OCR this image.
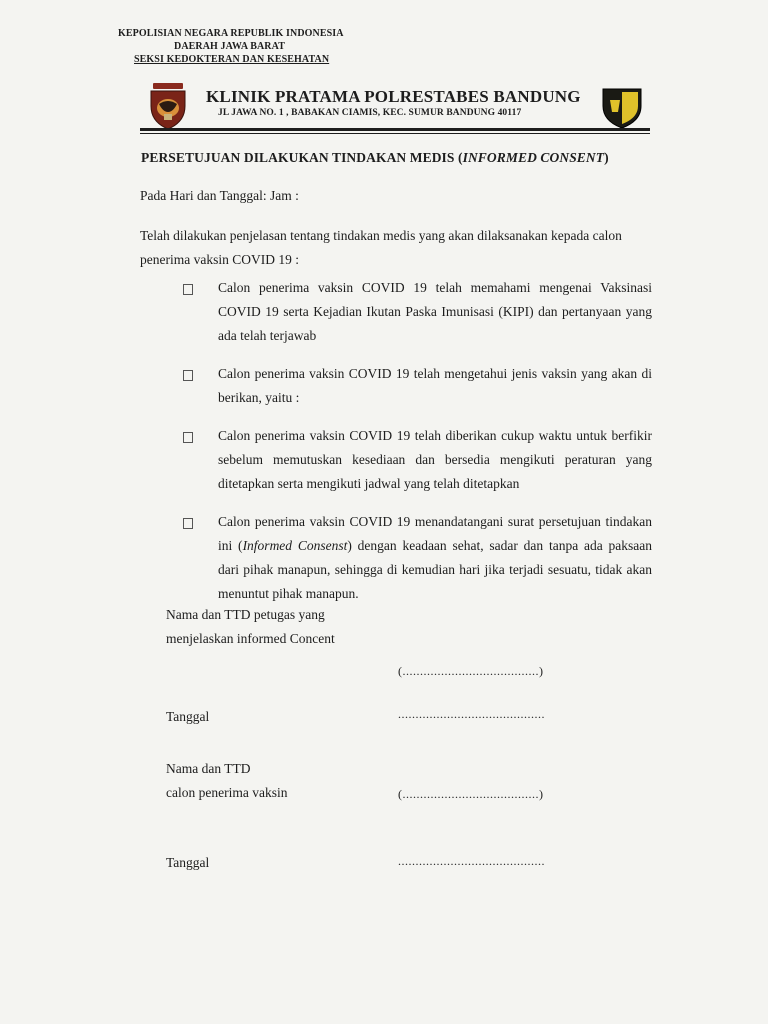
KEPOLISIAN NEGARA REPUBLIK INDONESIA
DAERAH JAWA BARAT
SEKSI KEDOKTERAN DAN KESEHATAN
KLINIK PRATAMA POLRESTABES BANDUNG
JL JAWA NO. 1 , BABAKAN CIAMIS, KEC. SUMUR BANDUNG 40117
PERSETUJUAN DILAKUKAN TINDAKAN MEDIS (INFORMED CONSENT)
Pada Hari dan Tanggal: Jam :
Telah dilakukan penjelasan tentang tindakan medis yang akan dilaksanakan kepada calon penerima vaksin COVID 19 :
Calon penerima vaksin COVID 19 telah memahami mengenai Vaksinasi COVID 19 serta Kejadian Ikutan Paska Imunisasi (KIPI) dan pertanyaan yang ada telah terjawab
Calon penerima vaksin COVID 19 telah mengetahui jenis vaksin yang akan di berikan, yaitu :
Calon penerima vaksin COVID 19 telah diberikan cukup waktu untuk berfikir sebelum memutuskan kesediaan dan bersedia mengikuti peraturan yang ditetapkan serta mengikuti jadwal yang telah ditetapkan
Calon penerima vaksin COVID 19 menandatangani surat persetujuan tindakan ini (Informed Consenst) dengan keadaan sehat, sadar dan tanpa ada paksaan dari pihak manapun, sehingga di kemudian hari jika terjadi sesuatu, tidak akan menuntut pihak manapun.
Nama dan TTD petugas yang
menjelaskan informed Concent
(.......................................)
Tanggal	..........................................
Nama dan TTD
calon penerima vaksin	(.......................................)
Tanggal	..........................................
